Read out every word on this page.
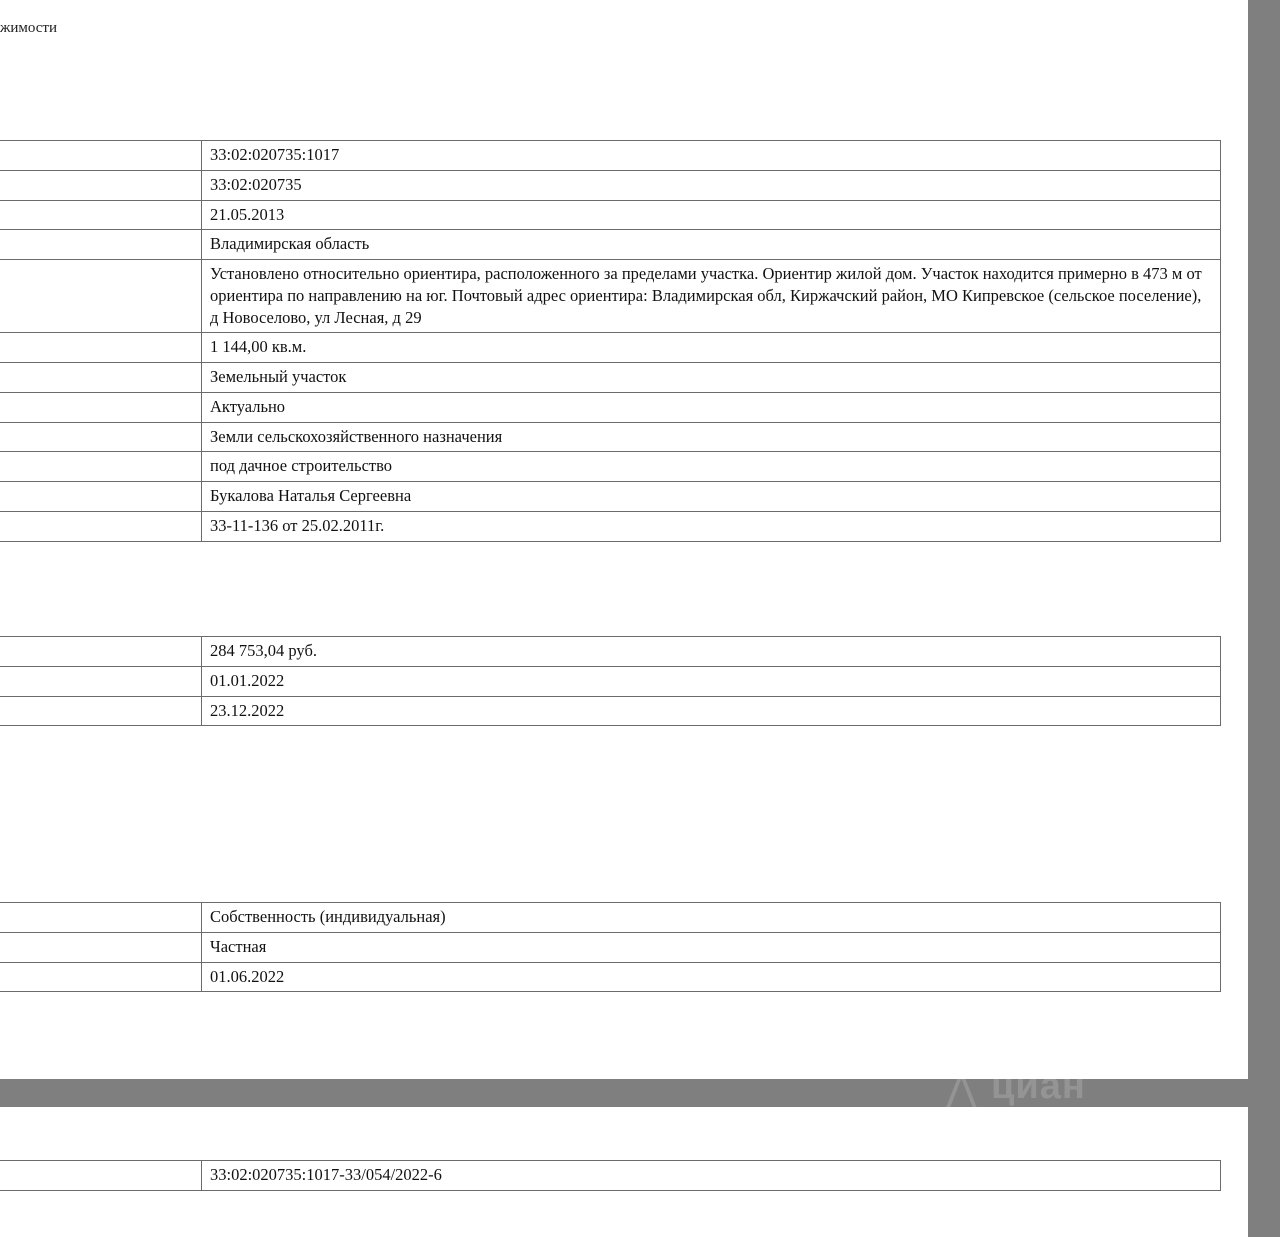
жимости
	33:02:020735:1017
	33:02:020735
	21.05.2013
	Владимирская область
	Установлено относительно ориентира, расположенного за пределами участка. Ориентир жилой дом. Участок находится примерно в 473 м от ориентира по направлению на юг. Почтовый адрес ориентира: Владимирская обл, Киржачский район, МО Кипревское (сельское поселение), д Новоселово, ул Лесная, д 29
	1 144,00 кв.м.
	Земельный участок
	Актуально
	Земли сельскохозяйственного назначения
	под дачное строительство
	Букалова Наталья Сергеевна
	33-11-136 от 25.02.2011г.
	284 753,04 руб.
	01.01.2022
	23.12.2022
	Собственность (индивидуальная)
	Частная
	01.06.2022
	33:02:020735:1017-33/054/2022-6
недвижимость
